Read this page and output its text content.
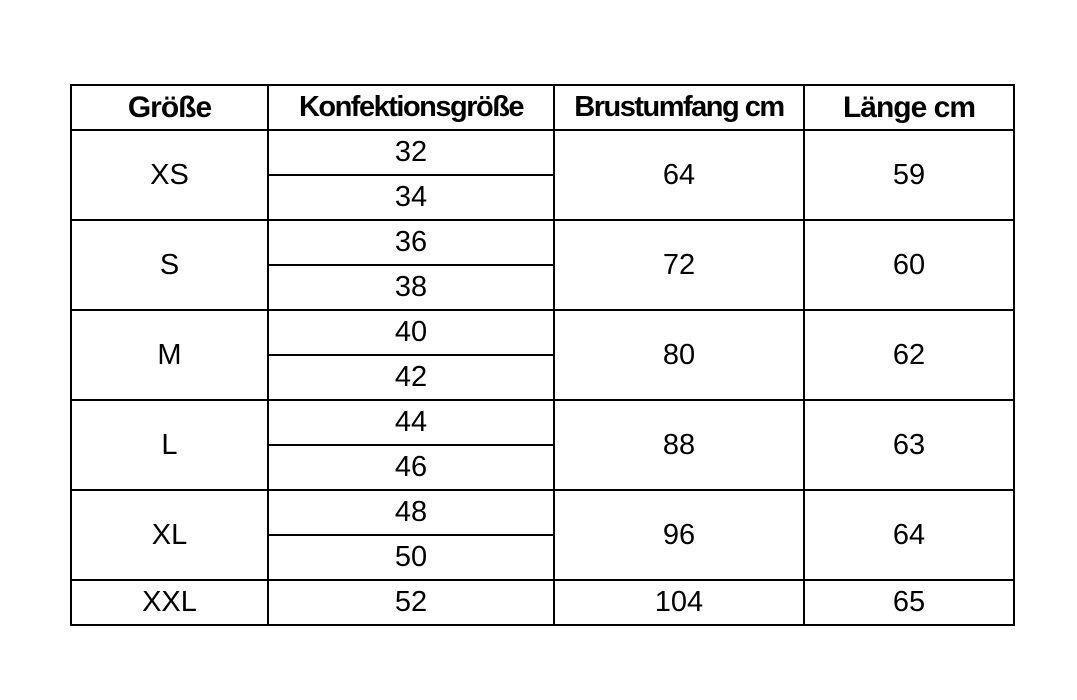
Größe	Konfektionsgröße	Brustumfang cm	Länge cm
XS	32	64	59
	34		
S	36	72	60
	38		
M	40	80	62
	42		
L	44	88	63
	46		
XL	48	96	64
	50		
XXL	52	104	65
